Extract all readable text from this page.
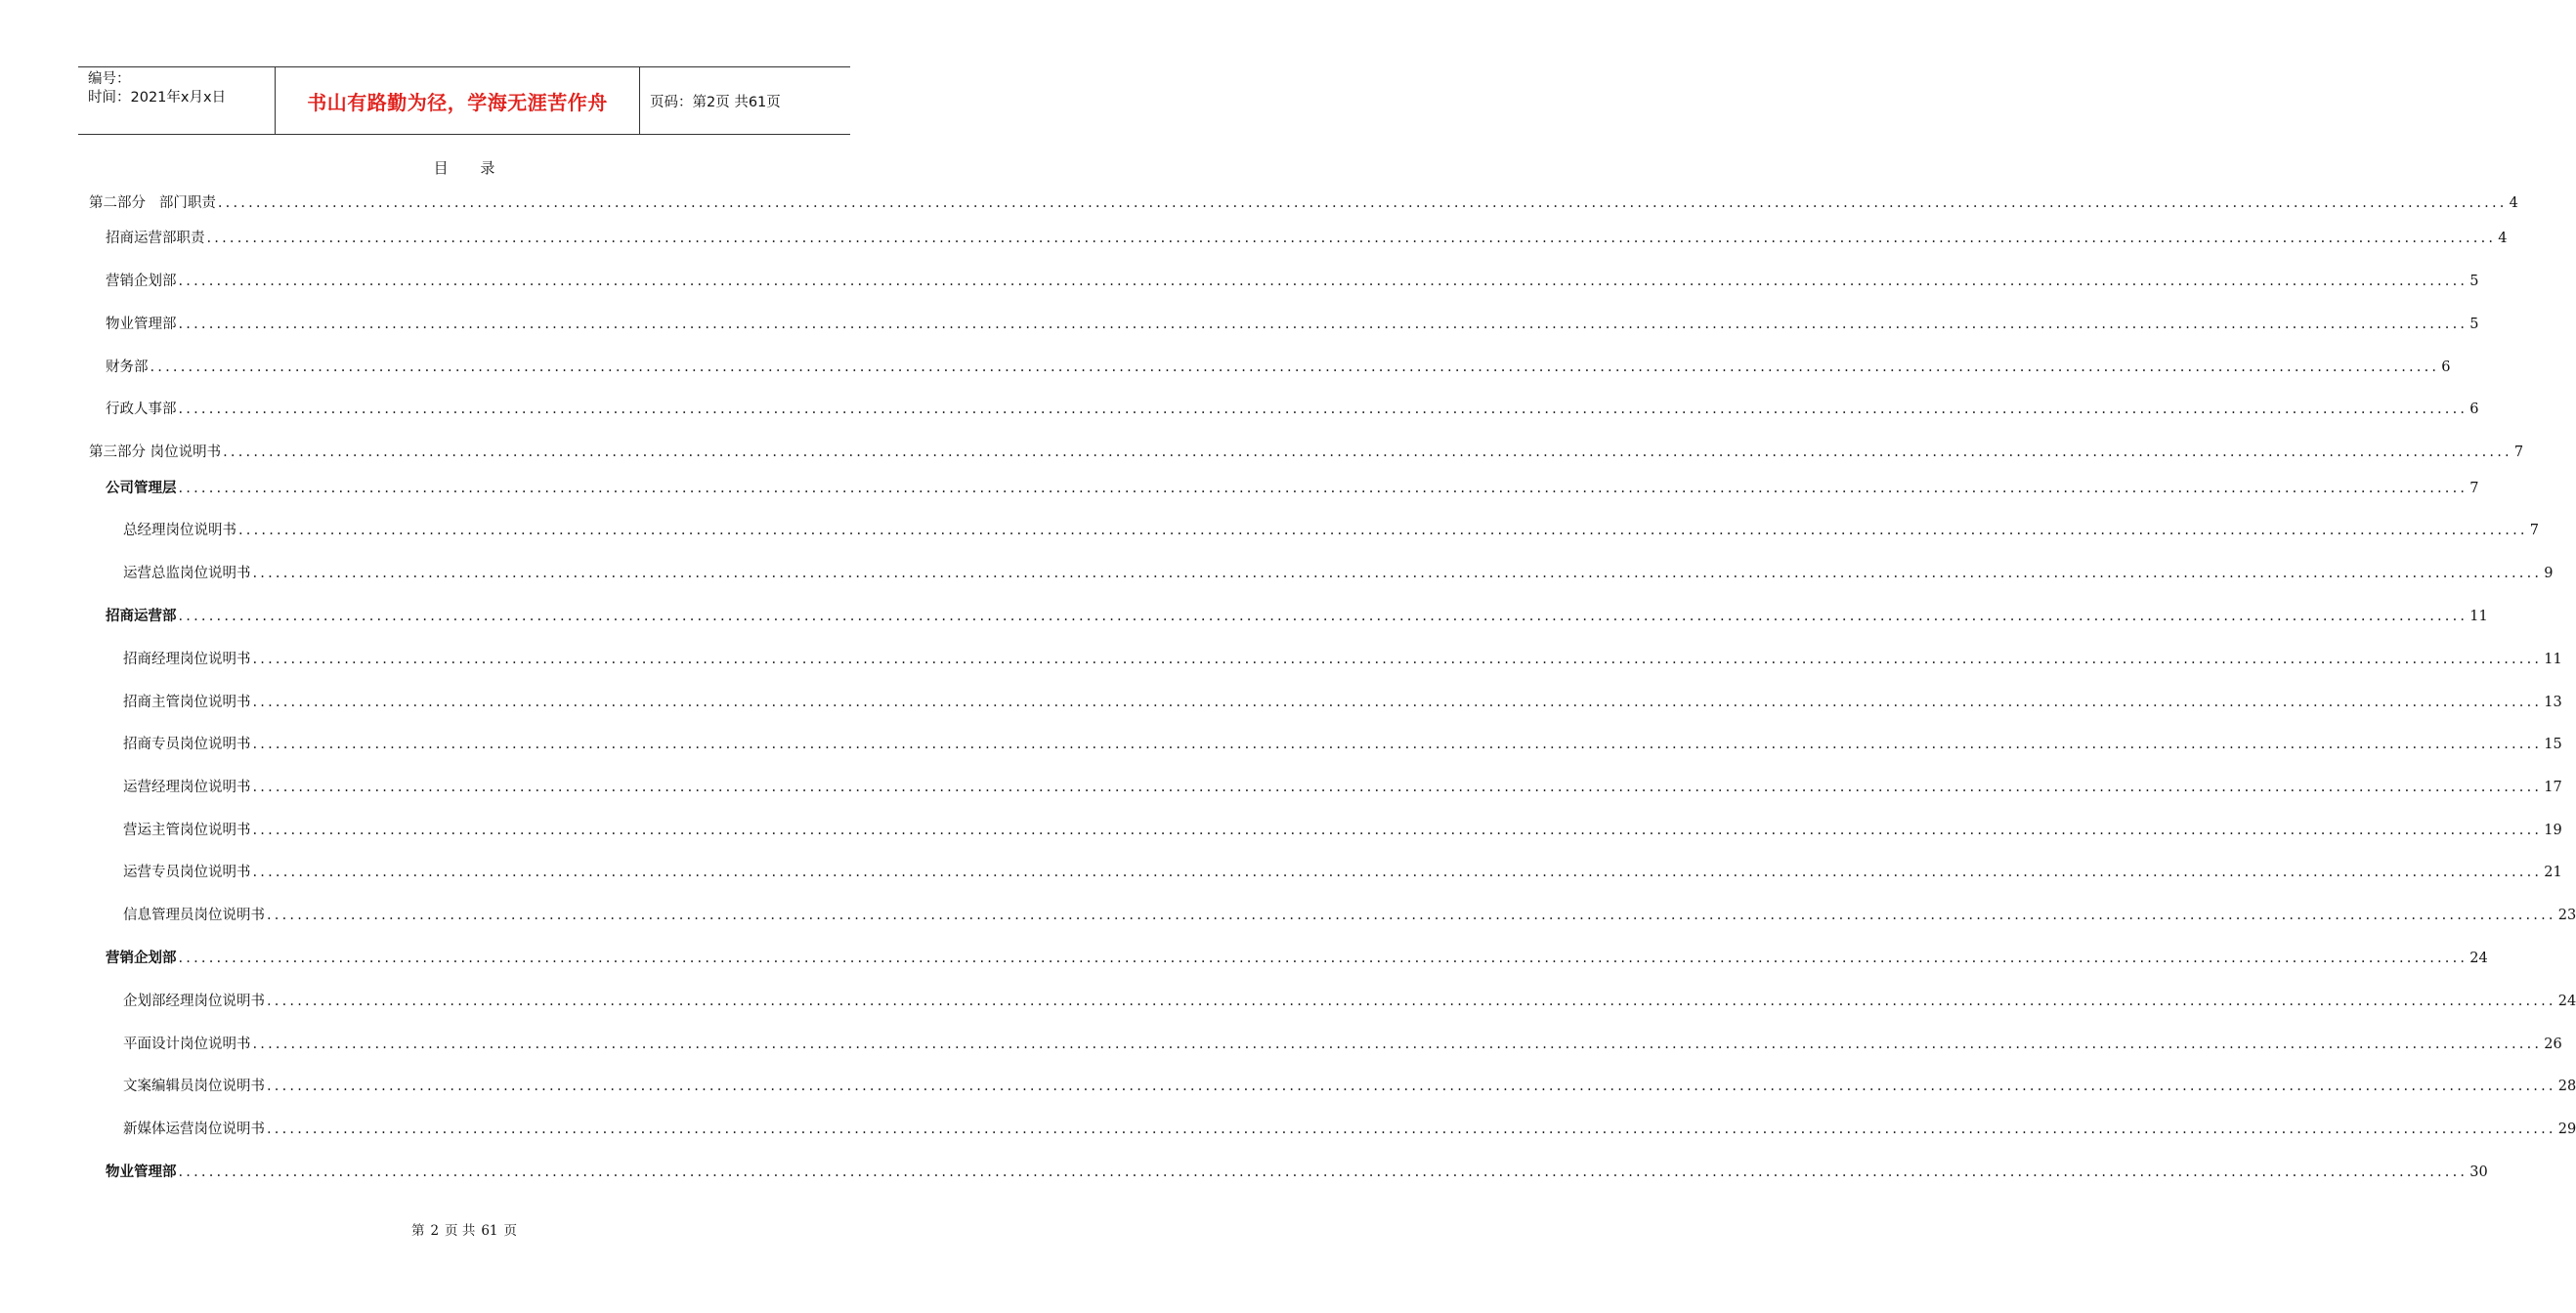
编号：
时间：2021年x月x日	书山有路勤为径，学海无涯苦作舟	页码：第2页 共61页
目 录
第二部分   部门职责 ............................................................................................................................................................................................................................................................................................................ 4
招商运营部职责 ............................................................................................................................................................................................................................................................................................................ 4
营销企划部 ............................................................................................................................................................................................................................................................................................................ 5
物业管理部 ............................................................................................................................................................................................................................................................................................................ 5
财务部 ............................................................................................................................................................................................................................................................................................................ 6
行政人事部 ............................................................................................................................................................................................................................................................................................................ 6
第三部分 岗位说明书 ............................................................................................................................................................................................................................................................................................................ 7
公司管理层 ............................................................................................................................................................................................................................................................................................................ 7
总经理岗位说明书 ............................................................................................................................................................................................................................................................................................................ 7
运营总监岗位说明书 ............................................................................................................................................................................................................................................................................................................ 9
招商运营部 ............................................................................................................................................................................................................................................................................................................ 11
招商经理岗位说明书 ............................................................................................................................................................................................................................................................................................................ 11
招商主管岗位说明书 ............................................................................................................................................................................................................................................................................................................ 13
招商专员岗位说明书 ............................................................................................................................................................................................................................................................................................................ 15
运营经理岗位说明书 ............................................................................................................................................................................................................................................................................................................ 17
营运主管岗位说明书 ............................................................................................................................................................................................................................................................................................................ 19
运营专员岗位说明书 ............................................................................................................................................................................................................................................................................................................ 21
信息管理员岗位说明书 ............................................................................................................................................................................................................................................................................................................ 23
营销企划部 ............................................................................................................................................................................................................................................................................................................ 24
企划部经理岗位说明书 ............................................................................................................................................................................................................................................................................................................ 24
平面设计岗位说明书 ............................................................................................................................................................................................................................................................................................................ 26
文案编辑员岗位说明书 ............................................................................................................................................................................................................................................................................................................ 28
新媒体运营岗位说明书 ............................................................................................................................................................................................................................................................................................................ 29
物业管理部 ............................................................................................................................................................................................................................................................................................................ 30
第 2 页 共 61 页
